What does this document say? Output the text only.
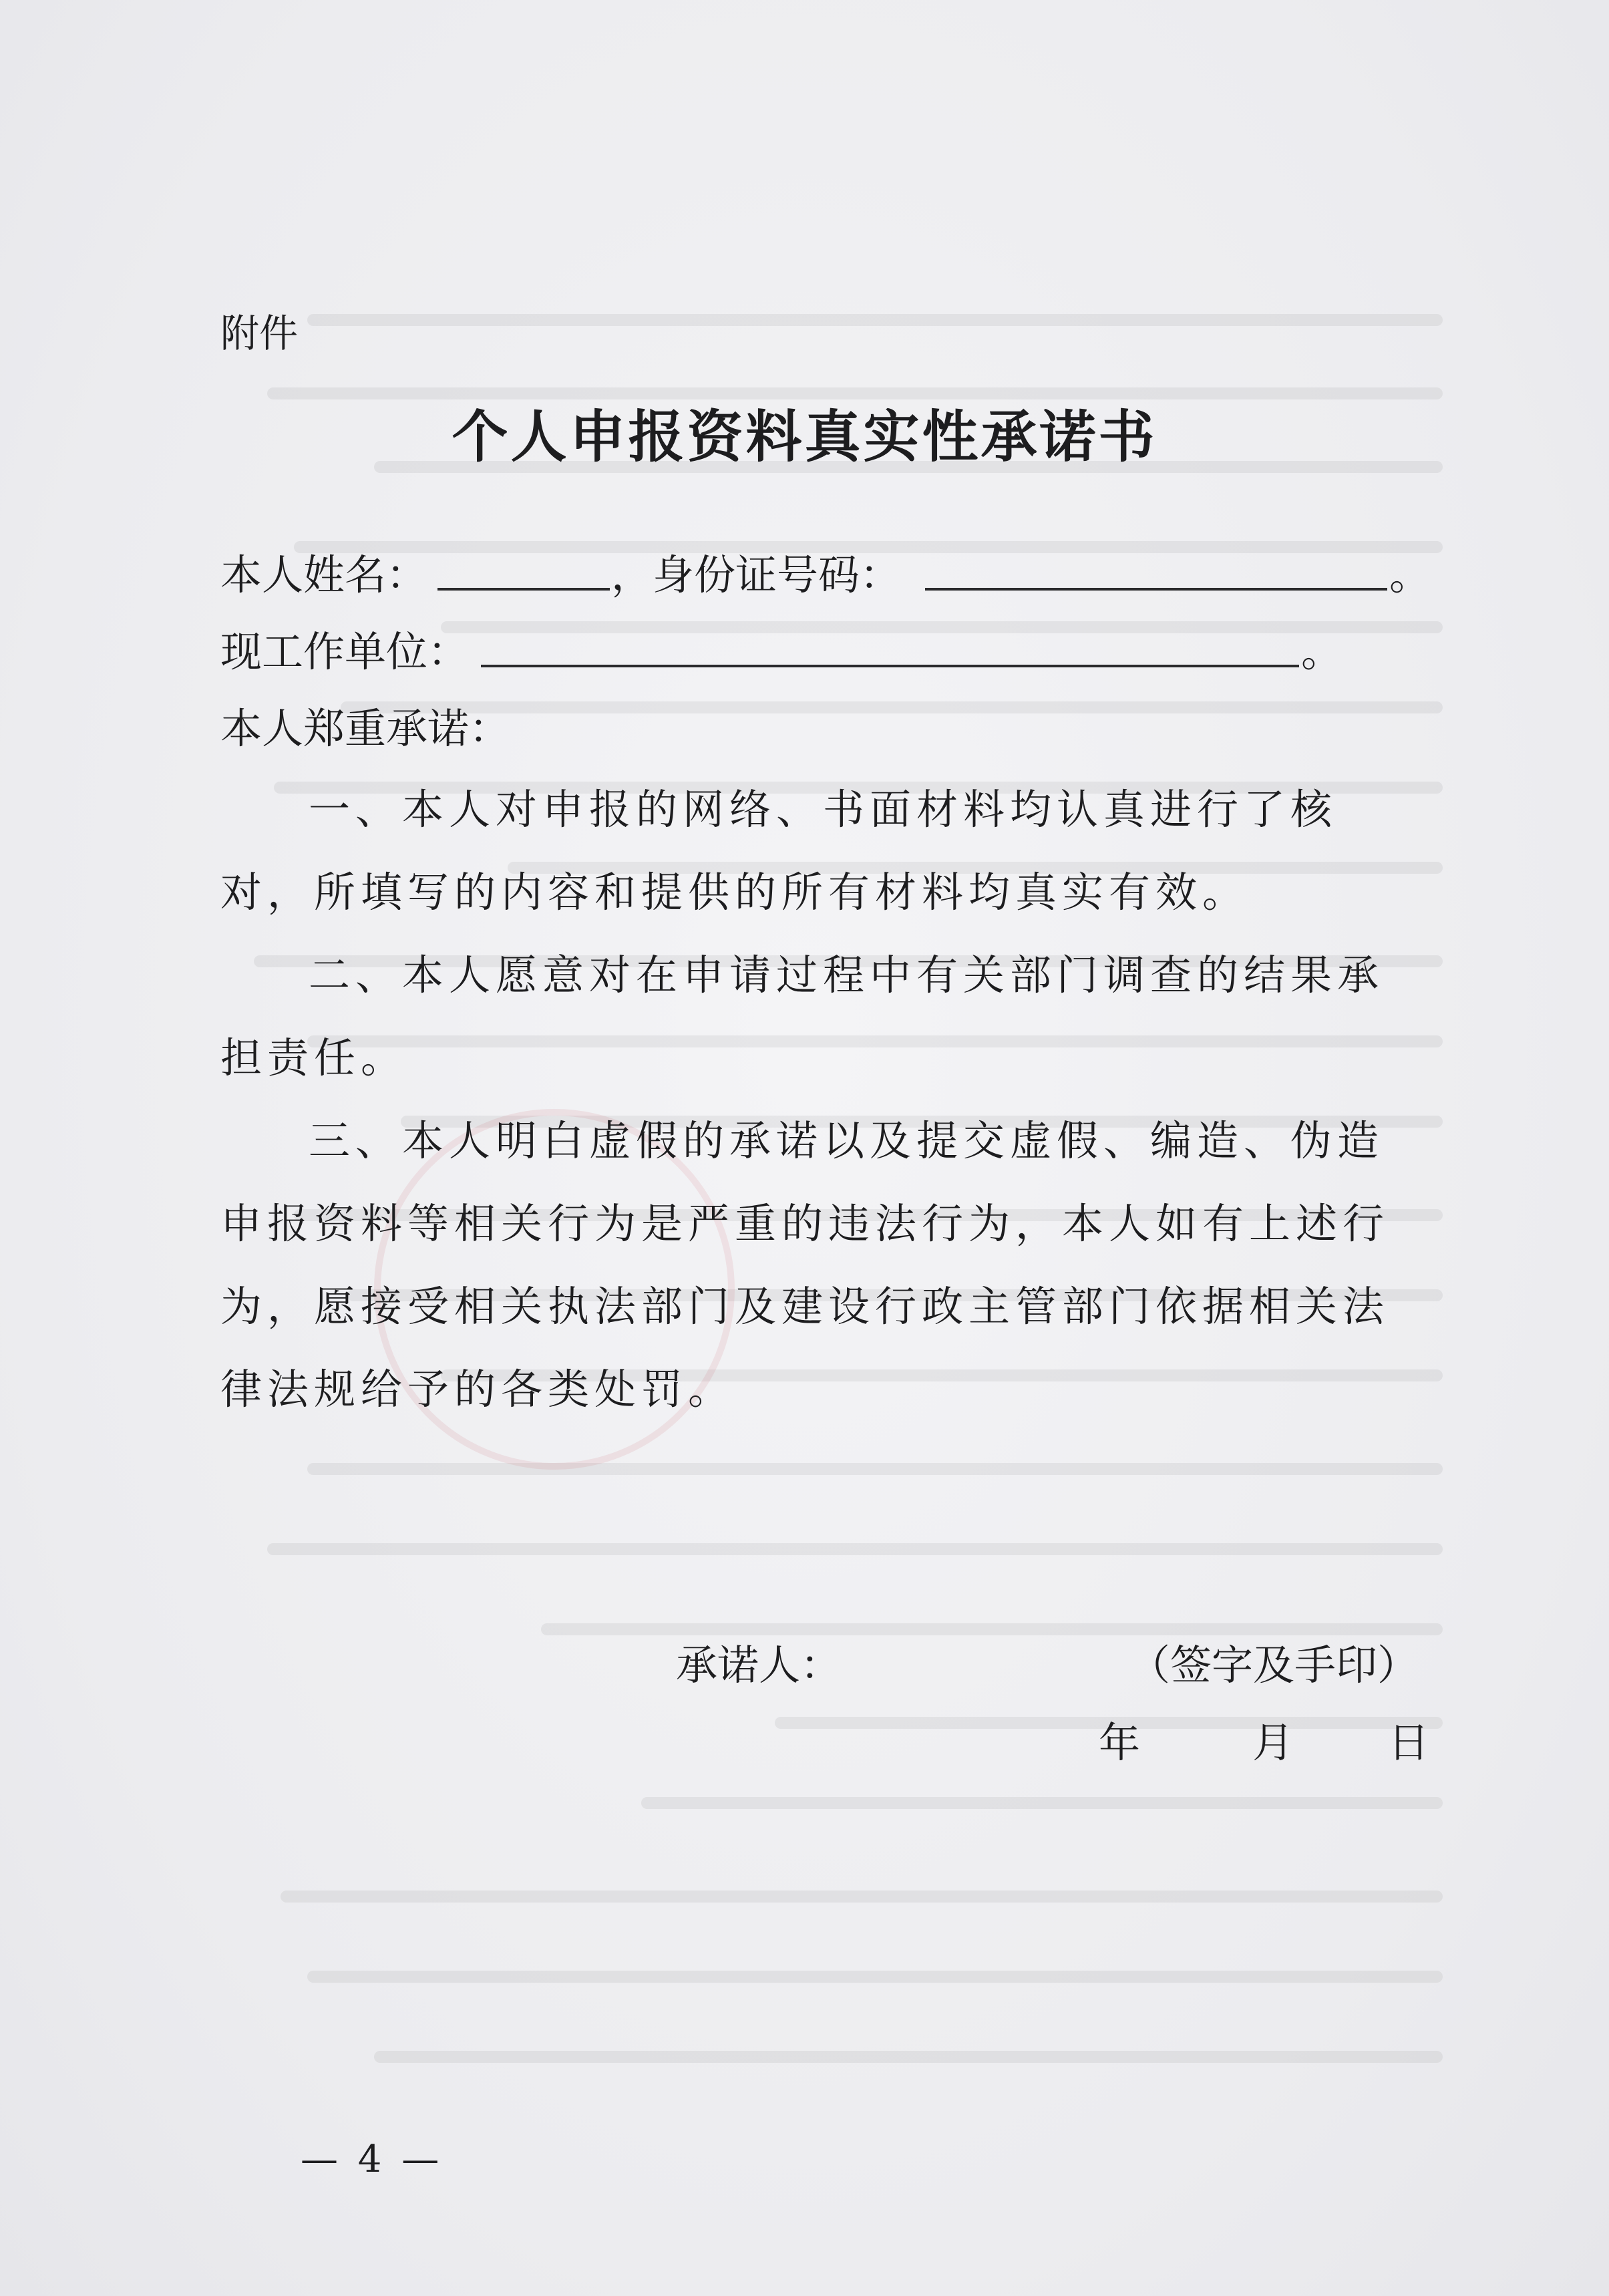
附件
个人申报资料真实性承诺书
本人姓名：	，身份证号码：	。
现工作单位：	。
本人郑重承诺：
一、本人对申报的网络、书面材料均认真进行了核对，所填写的内容和提供的所有材料均真实有效。
二、本人愿意对在申请过程中有关部门调查的结果承担责任。
三、本人明白虚假的承诺以及提交虚假、编造、伪造申报资料等相关行为是严重的违法行为，本人如有上述行为，愿接受相关执法部门及建设行政主管部门依据相关法律法规给予的各类处罚。
承诺人：	（签字及手印）
年	月 日
— 4 —
